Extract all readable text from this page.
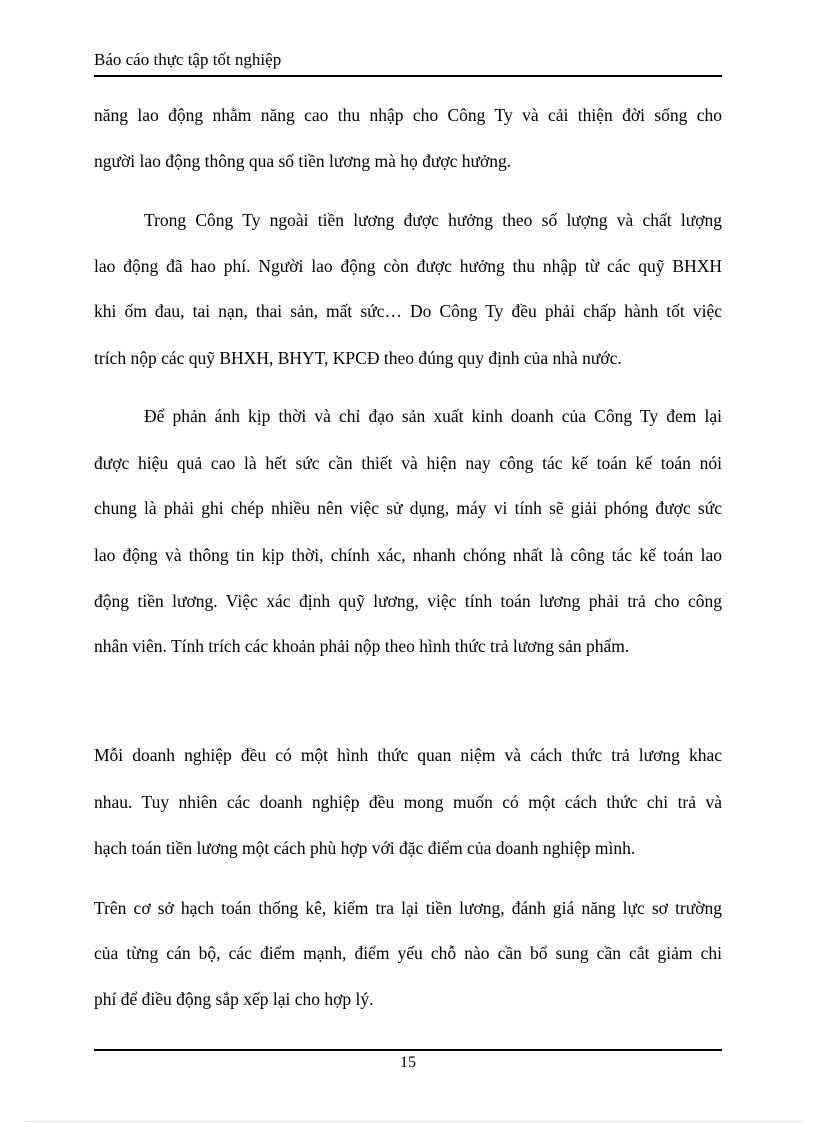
Báo cáo thực tập tốt nghiệp
năng lao động nhằm năng cao thu nhập cho Công Ty và cải thiện đời sống cho
người lao động thông qua số tiền lương mà họ được hưởng.
Trong Công Ty ngoài tiền lương được hưởng theo số lượng và chất lượng
lao động đã hao phí. Người lao động còn được hưởng thu nhập từ các quỹ BHXH
khi ốm đau, tai nạn, thai sản, mất sức… Do Công Ty đều phải chấp hành tốt việc
trích nộp các quỹ BHXH, BHYT, KPCĐ theo đúng quy định của nhà nước.
Để phản ánh kịp thời và chỉ đạo sản xuất kinh doanh của Công Ty đem lại
được hiệu quả cao là hết sức cần thiết và hiện nay công tác kế toán kế toán nói
chung là phải ghi chép nhiều nên việc sử dụng, máy vi tính sẽ giải phóng được sức
lao động và thông tin kịp thời, chính xác, nhanh chóng nhất là công tác kế toán lao
động tiền lương. Việc xác định quỹ lương, việc tính toán lương phải trả cho công
nhân viên. Tính trích các khoản phải nộp theo hình thức trả lương sản phẩm.
Mỗi doanh nghiệp đều có một hình thức quan niệm và cách thức trả lương khac
nhau. Tuy nhiên các doanh nghiệp đều mong muốn có một cách thức chi trả và
hạch toán tiền lương một cách phù hợp với đặc điểm của doanh nghiệp mình.
Trên cơ sở hạch toán thống kê, kiểm tra lại tiền lương, đánh giá năng lực sơ trường
của từng cán bộ, các điểm mạnh, điểm yếu chỗ nào cần bổ sung cần cắt giảm chi
phí để điều động sắp xếp lại cho hợp lý.
15
